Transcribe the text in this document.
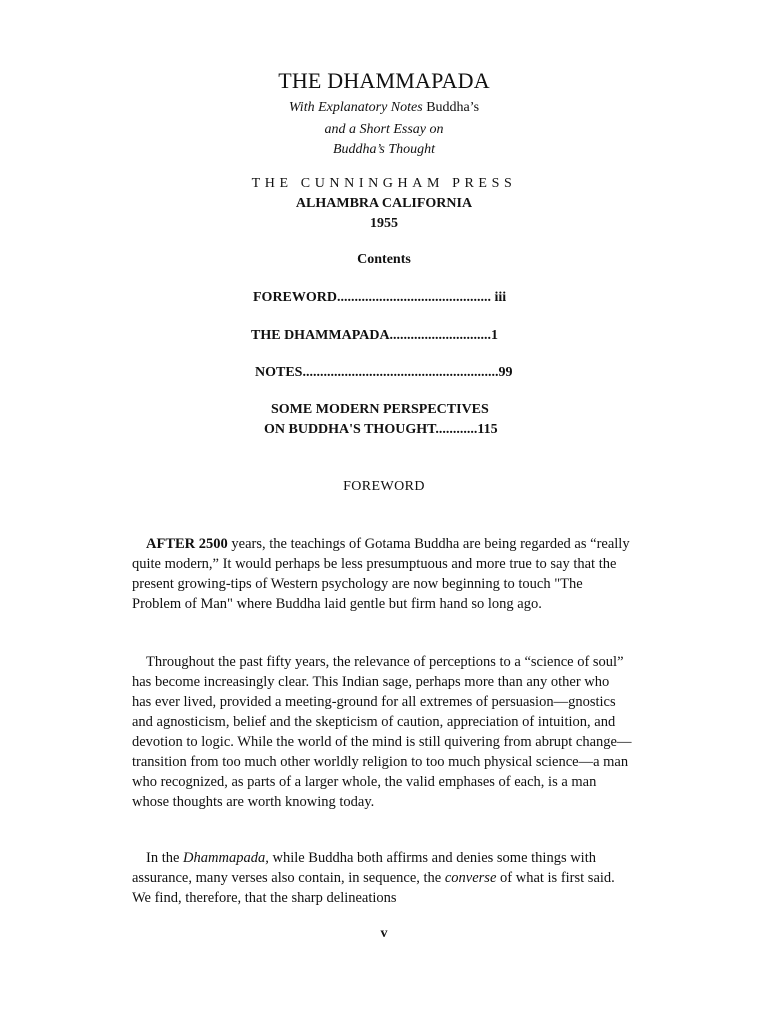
THE DHAMMAPADA
With Explanatory Notes Buddha’s
and a Short Essay on
Buddha’s Thought
THE CUNNINGHAM PRESS
ALHAMBRA CALIFORNIA
1955
Contents
FOREWORD............................................ iii
THE DHAMMAPADA.............................1
NOTES........................................................99
SOME MODERN PERSPECTIVES
ON BUDDHA'S THOUGHT............115
FOREWORD

AFTER 2500 years, the teachings of Gotama Buddha are being regarded as “really quite modern,” It would perhaps be less presumptuous and more true to say that the present growing-tips of Western psychology are now beginning to touch "The Problem of Man" where Buddha laid gentle but firm hand so long ago.

Throughout the past fifty years, the relevance of perceptions to a “science of soul” has become increasingly clear. This Indian sage, perhaps more than any other who has ever lived, provided a meeting-ground for all extremes of persuasion—gnostics and agnosticism, belief and the skepticism of caution, appreciation of intuition, and devotion to logic. While the world of the mind is still quivering from abrupt change—transition from too much other worldly religion to too much physical science—a man who recognized, as parts of a larger whole, the valid emphases of each, is a man whose thoughts are worth knowing today.

In the Dhammapada, while Buddha both affirms and denies some things with assurance, many verses also contain, in sequence, the converse of what is first said. We find, therefore, that the sharp delineations

v
